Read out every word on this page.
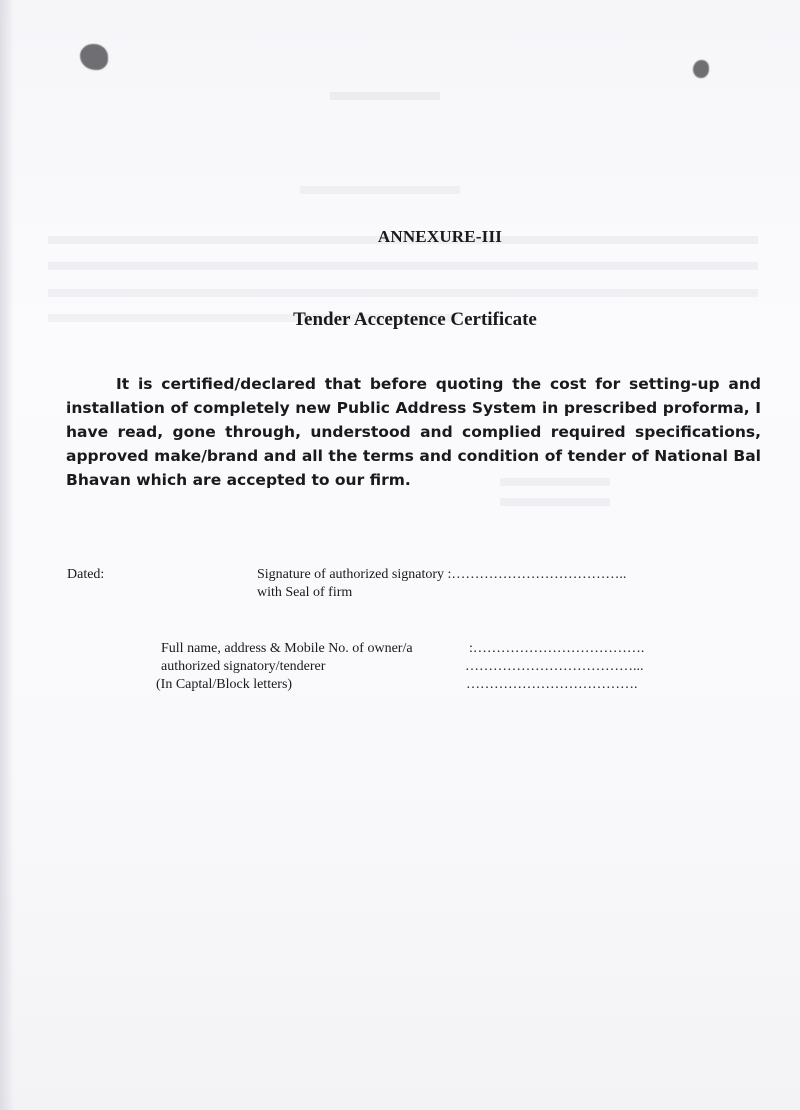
ANNEXURE-III
Tender Acceptence Certificate

It is certified/declared that before quoting the cost for setting-up and installation of completely new Public Address System in prescribed proforma, I have read, gone through, understood and complied required specifications, approved make/brand and all the terms and condition of tender of National Bal Bhavan which are accepted to our firm.

Dated:	Signature of authorized signatory :………………………………..
with Seal of firm
Full name, address & Mobile No. of owner/a
authorized signatory/tenderer
(In Captal/Block letters)
:……………………………….
………………………………...
……………………………….
